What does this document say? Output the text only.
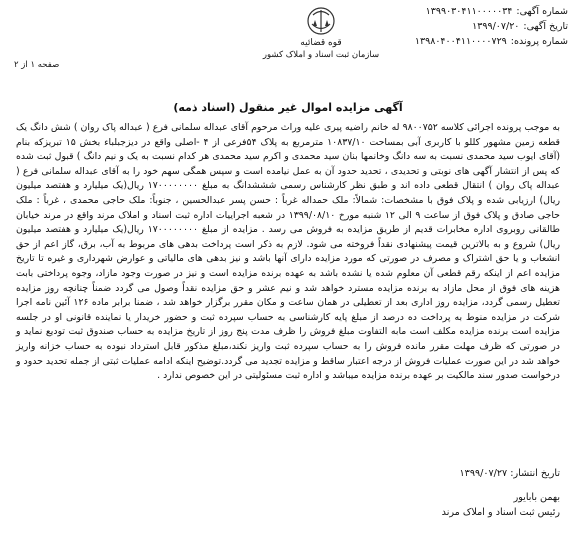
شماره آگهی:
۱۳۹۹۰۳۰۴۱۱۰۰۰۰۰۳۴
تاریخ آگهی:
۱۳۹۹/۰۷/۲۰
شماره پرونده:
۱۳۹۸۰۴۰۰۴۱۱۰۰۰۰۷۲۹
قوه قضائیه
سازمان ثبت اسناد و املاک کشور
صفحه ۱ از ۲
آگهی مزایده اموال غیر منقول (اسناد ذمه)

به موجب پرونده اجرائی کلاسه ۹۸۰۰۷۵۲ له خانم راضیه پیری علیه وراث مرحوم آقای عبداله سلمانی فرع ( عبداله پاک روان ) شش دانگ یک قطعه زمین مشهور کللو با کاربری آبی بمساحت ۱۰۸۳۷/۱۰ مترمربع به پلاک ۵۴فرعی از ۴ -اصلی واقع در دیزجبلباء بخش ۱۵ تبریزکه بنام (آقای ایوب سید محمدی نسبت به سه دانگ وخانمها بنان سید محمدی و اکرم سید محمدی هر کدام نسبت به یک و نیم دانگ ) قبول ثبت شده که پس از انتشار آگهی های نوبتی و تحدیدی ، تحدید حدود آن به عمل نیامده است و سپس همگی سهم خود را به آقای عبداله سلمانی فرع ( عبداله پاک روان ) انتقال قطعی داده اند و طبق نظر کارشناس رسمی شششدانگ به مبلغ ۱۷۰۰۰۰۰۰۰۰ ریال(یک میلیارد و هفتصد میلیون ریال) ارزیابی شده و پلاک فوق با مشخصات: شمالاً: ملک حمداله غرباً : حسن پسر عبدالحسین ، جنوباً: ملک حاجی محمدی ، غرباً : ملک حاجی صادق و پلاک فوق از ساعت ۹ الی ۱۲ شنبه مورخ ۱۳۹۹/۰۸/۱۰ در شعبه اجراییات اداره ثبت اسناد و املاک مرند واقع در مرند خیابان طالقانی روبروی اداره مخابرات قدیم از طریق مزایده به فروش می رسد . مزایده از مبلغ ۱۷۰۰۰۰۰۰۰۰ ریال(یک میلیارد و هفتصد میلیون ریال) شروع و به بالاترین قیمت پیشنهادی نقداً فروخته می شود. لازم به ذکر است پرداخت بدهی های مربوط به آب، برق، گاز اعم از حق انشعاب و یا حق اشتراک و مصرف در صورتی که مورد مزایده دارای آنها باشد و نیز بدهی های مالیاتی و عوارض شهرداری و غیره تا تاریخ مزایده اعم از اینکه رقم قطعی آن معلوم شده یا نشده باشد به عهده برنده مزایده است و نیز در صورت وجود مازاد، وجوه پرداختی بابت هزینه های فوق از محل مازاد به برنده مزایده مسترد خواهد شد و نیم عشر و حق مزایده نقداً وصول می گردد ضمناً چنانچه روز مزایده تعطیل رسمی گردد، مزایده روز اداری بعد از تعطیلی در همان ساعت و مکان مقرر برگزار خواهد شد ، ضمنا برابر ماده ۱۲۶ آئین نامه اجرا شرکت در مزایده منوط به پرداخت ده درصد از مبلغ پایه کارشناسی به حساب سپرده ثبت و حضور خریدار یا نماینده قانونی او در جلسه مزایده است برنده مزایده مکلف است مابه التفاوت مبلغ فروش را ظرف مدت پنج روز از تاریخ مزایده به حساب صندوق ثبت توديع نماید و در صورتی که ظرف مهلت مقرر مانده فروش را به حساب سپرده ثبت واریز نکند،مبلغ مذکور قابل استرداد نبوده به حساب خزانه واریز خواهد شد در این صورت عملیات فروش از درجه اعتبار ساقط و مزایده تجدید می گردد.توضیح اینکه ادامه عملیات ثبتی از جمله تحدید حدود و درخواست صدور سند مالکیت بر عهده برنده مزایده میباشد و اداره ثبت مسئولیتی در این خصوص ندارد .

تاریخ انتشار: ۱۳۹۹/۰۷/۲۷
بهمن بابایور
رئیس ثبت اسناد و املاک مرند
